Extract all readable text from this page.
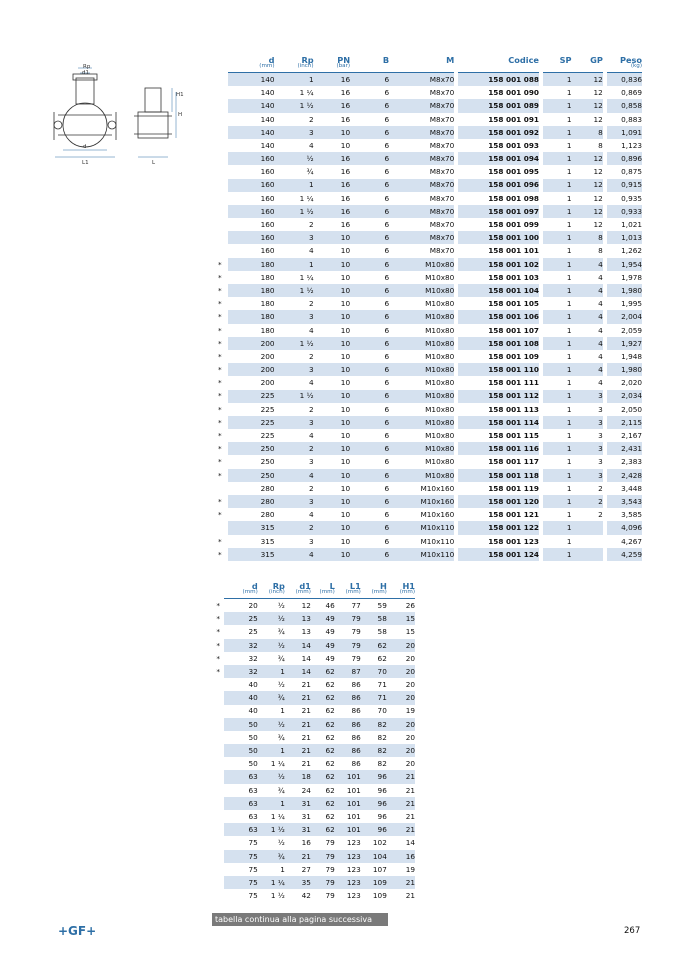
Rp
d1
H1
H
d
L1	L
	d	Rp	PN	B	M		Codice		SP	GP		Peso
	(mm)	(inch)	(bar)									(kg)
	140	1	16	6	M8x70		158 001 088		1	12		0,836
	140	1 ¼	16	6	M8x70		158 001 090		1	12		0,869
	140	1 ½	16	6	M8x70		158 001 089		1	12		0,858
	140	2	16	6	M8x70		158 001 091		1	12		0,883
	140	3	10	6	M8x70		158 001 092		1	8		1,091
	140	4	10	6	M8x70		158 001 093		1	8		1,123
	160	½	16	6	M8x70		158 001 094		1	12		0,896
	160	¾	16	6	M8x70		158 001 095		1	12		0,875
	160	1	16	6	M8x70		158 001 096		1	12		0,915
	160	1 ¼	16	6	M8x70		158 001 098		1	12		0,935
	160	1 ½	16	6	M8x70		158 001 097		1	12		0,933
	160	2	16	6	M8x70		158 001 099		1	12		1,021
	160	3	10	6	M8x70		158 001 100		1	8		1,013
	160	4	10	6	M8x70		158 001 101		1	8		1,262
*	180	1	10	6	M10x80		158 001 102		1	4		1,954
*	180	1 ¼	10	6	M10x80		158 001 103		1	4		1,978
*	180	1 ½	10	6	M10x80		158 001 104		1	4		1,980
*	180	2	10	6	M10x80		158 001 105		1	4		1,995
*	180	3	10	6	M10x80		158 001 106		1	4		2,004
*	180	4	10	6	M10x80		158 001 107		1	4		2,059
*	200	1 ½	10	6	M10x80		158 001 108		1	4		1,927
*	200	2	10	6	M10x80		158 001 109		1	4		1,948
*	200	3	10	6	M10x80		158 001 110		1	4		1,980
*	200	4	10	6	M10x80		158 001 111		1	4		2,020
*	225	1 ½	10	6	M10x80		158 001 112		1	3		2,034
*	225	2	10	6	M10x80		158 001 113		1	3		2,050
*	225	3	10	6	M10x80		158 001 114		1	3		2,115
*	225	4	10	6	M10x80		158 001 115		1	3		2,167
*	250	2	10	6	M10x80		158 001 116		1	3		2,431
*	250	3	10	6	M10x80		158 001 117		1	3		2,383
*	250	4	10	6	M10x80		158 001 118		1	3		2,428
	280	2	10	6	M10x160		158 001 119		1	2		3,448
*	280	3	10	6	M10x160		158 001 120		1	2		3,543
*	280	4	10	6	M10x160		158 001 121		1	2		3,585
	315	2	10	6	M10x110		158 001 122		1			4,096
*	315	3	10	6	M10x110		158 001 123		1			4,267
*	315	4	10	6	M10x110		158 001 124		1			4,259
	d	Rp	d1	L	L1	H	H1
	(mm)	(inch)	(mm)	(mm)	(mm)	(mm)	(mm)
*	20	½	12	46	77	59	26
*	25	½	13	49	79	58	15
*	25	¾	13	49	79	58	15
*	32	½	14	49	79	62	20
*	32	¾	14	49	79	62	20
*	32	1	14	62	87	70	20
	40	½	21	62	86	71	20
	40	¾	21	62	86	71	20
	40	1	21	62	86	70	19
	50	½	21	62	86	82	20
	50	¾	21	62	86	82	20
	50	1	21	62	86	82	20
	50	1 ¼	21	62	86	82	20
	63	½	18	62	101	96	21
	63	¾	24	62	101	96	21
	63	1	31	62	101	96	21
	63	1 ¼	31	62	101	96	21
	63	1 ½	31	62	101	96	21
	75	½	16	79	123	102	14
	75	¾	21	79	123	104	16
	75	1	27	79	123	107	19
	75	1 ¼	35	79	123	109	21
	75	1 ½	42	79	123	109	21
tabella continua alla pagina successiva
+GF+	267
